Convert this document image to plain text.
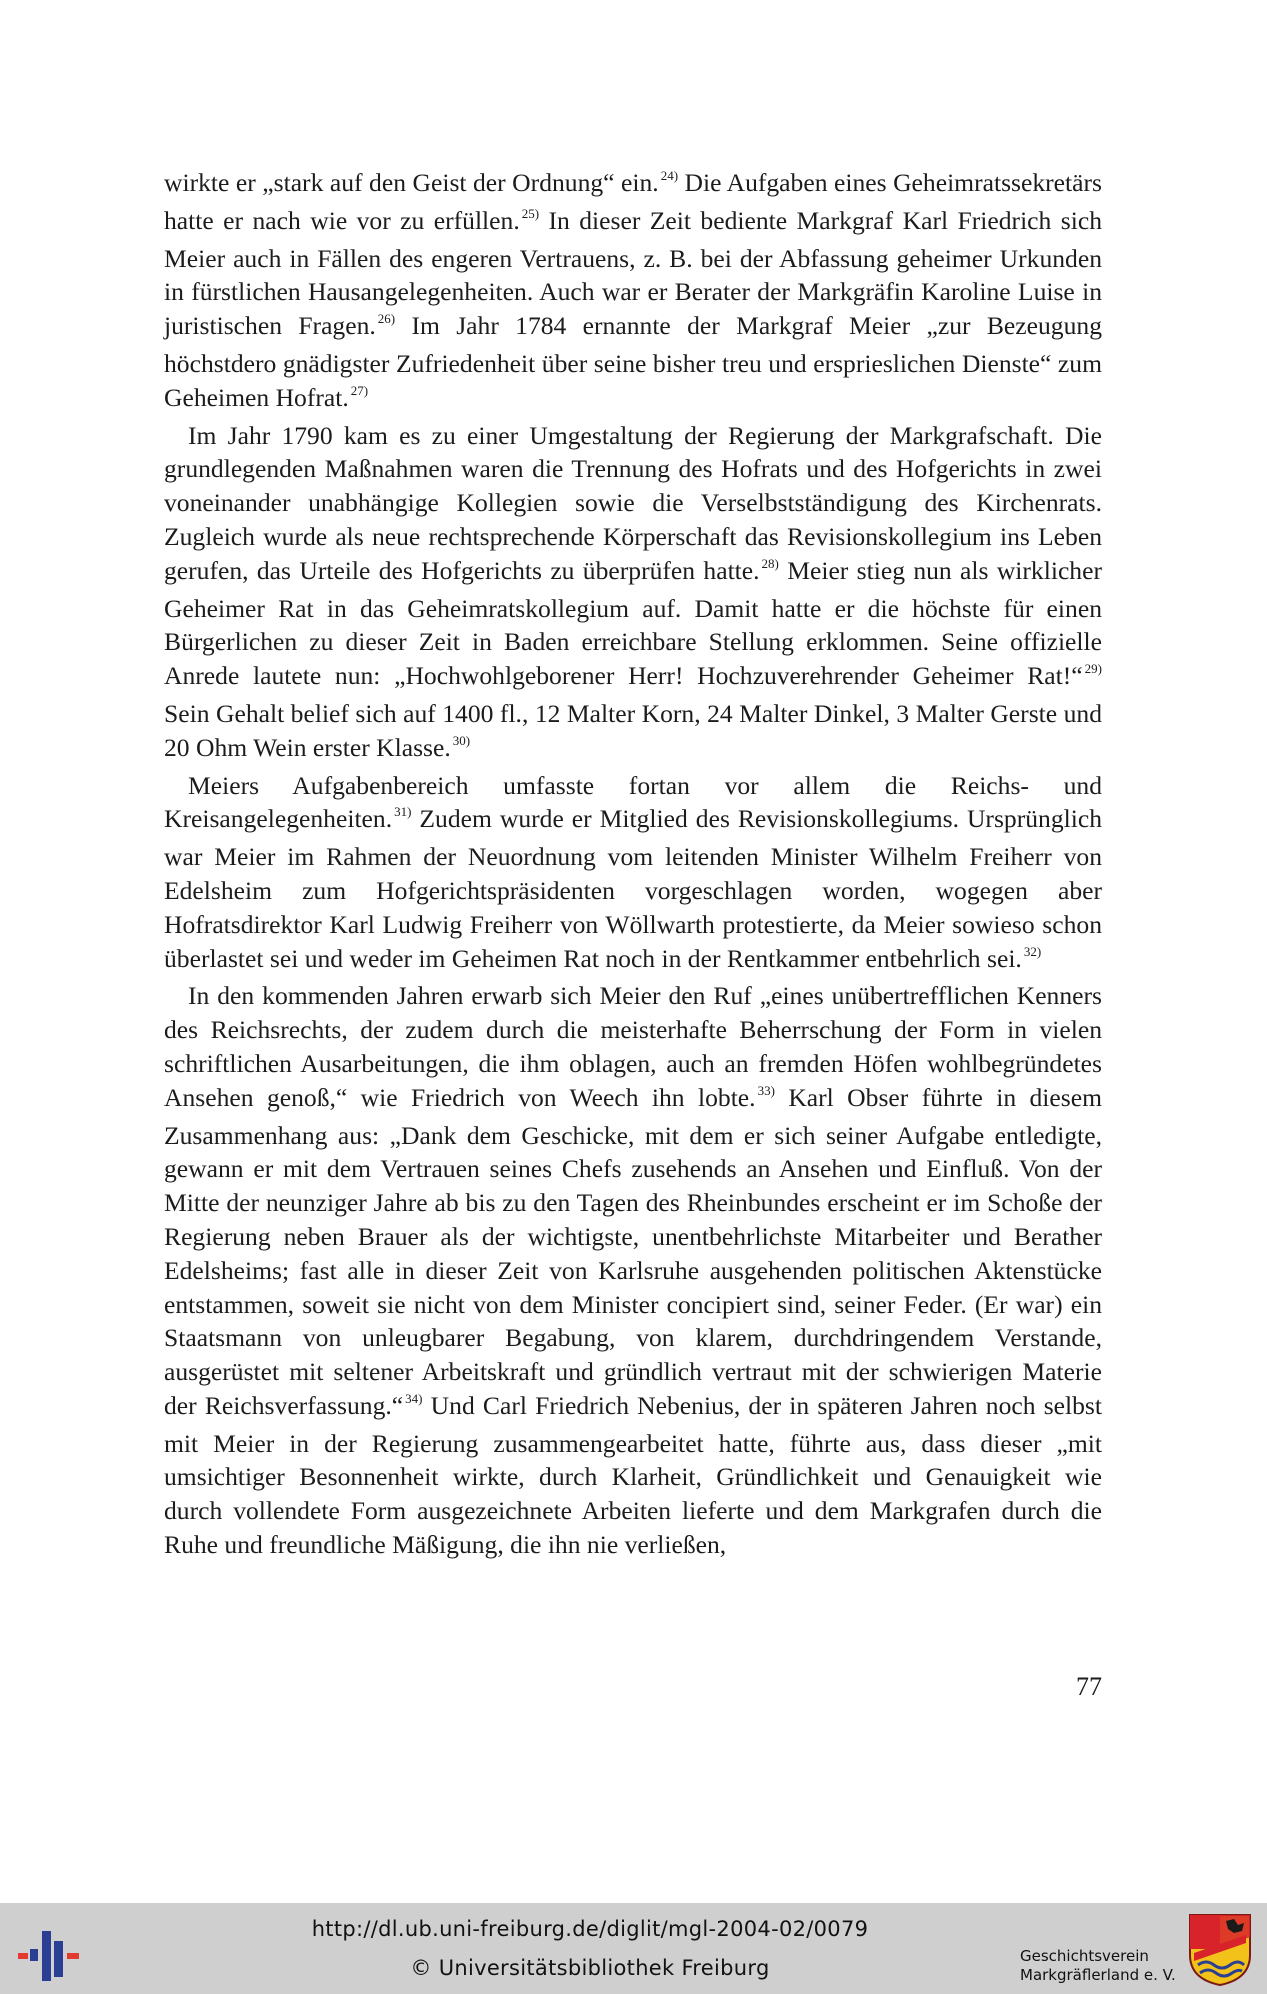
wirkte er „stark auf den Geist der Ordnung“ ein. $^{24)}$ Die Aufgaben eines Geheimratssekretärs hatte er nach wie vor zu erfüllen. $^{25)}$ In dieser Zeit bediente Markgraf Karl Friedrich sich Meier auch in Fällen des engeren Vertrauens, z. B. bei der Abfassung geheimer Urkunden in fürstlichen Hausangelegenheiten. Auch war er Berater der Markgräfin Karoline Luise in juristischen Fragen. $^{26)}$ Im Jahr 1784 ernannte der Markgraf Meier „zur Bezeugung höchstdero gnädigster Zufriedenheit über seine bisher treu und ersprieslichen Dienste“ zum Geheimen Hofrat. $^{27)}$

Im Jahr 1790 kam es zu einer Umgestaltung der Regierung der Markgrafschaft. Die grundlegenden Maßnahmen waren die Trennung des Hofrats und des Hofgerichts in zwei voneinander unabhängige Kollegien sowie die Verselbstständigung des Kirchenrats. Zugleich wurde als neue rechtsprechende Körperschaft das Revisionskollegium ins Leben gerufen, das Urteile des Hofgerichts zu überprüfen hatte. $^{28)}$ Meier stieg nun als wirklicher Geheimer Rat in das Geheimratskollegium auf. Damit hatte er die höchste für einen Bürgerlichen zu dieser Zeit in Baden erreichbare Stellung erklommen. Seine offizielle Anrede lautete nun: „Hochwohlgeborener Herr! Hochzuverehrender Geheimer Rat!“ $^{29)}$ Sein Gehalt belief sich auf 1400 fl., 12 Malter Korn, 24 Malter Dinkel, 3 Malter Gerste und 20 Ohm Wein erster Klasse. $^{30)}$

Meiers Aufgabenbereich umfasste fortan vor allem die Reichs- und Kreisangelegenheiten. $^{31)}$ Zudem wurde er Mitglied des Revisionskollegiums. Ursprünglich war Meier im Rahmen der Neuordnung vom leitenden Minister Wilhelm Freiherr von Edelsheim zum Hofgerichtspräsidenten vorgeschlagen worden, wogegen aber Hofratsdirektor Karl Ludwig Freiherr von Wöllwarth protestierte, da Meier sowieso schon überlastet sei und weder im Geheimen Rat noch in der Rentkammer entbehrlich sei. $^{32)}$

In den kommenden Jahren erwarb sich Meier den Ruf „eines unübertrefflichen Kenners des Reichsrechts, der zudem durch die meisterhafte Beherrschung der Form in vielen schriftlichen Ausarbeitungen, die ihm oblagen, auch an fremden Höfen wohlbegründetes Ansehen genoß,“ wie Friedrich von Weech ihn lobte. $^{33)}$ Karl Obser führte in diesem Zusammenhang aus: „Dank dem Geschicke, mit dem er sich seiner Aufgabe entledigte, gewann er mit dem Vertrauen seines Chefs zusehends an Ansehen und Einfluß. Von der Mitte der neunziger Jahre ab bis zu den Tagen des Rheinbundes erscheint er im Schoße der Regierung neben Brauer als der wichtigste, unentbehrlichste Mitarbeiter und Berather Edelsheims; fast alle in dieser Zeit von Karlsruhe ausgehenden politischen Aktenstücke entstammen, soweit sie nicht von dem Minister concipiert sind, seiner Feder. (Er war) ein Staatsmann von unleugbarer Begabung, von klarem, durchdringendem Verstande, ausgerüstet mit seltener Arbeitskraft und gründlich vertraut mit der schwierigen Materie der Reichsverfassung.“ $^{34)}$ Und Carl Friedrich Nebenius, der in späteren Jahren noch selbst mit Meier in der Regierung zusammengearbeitet hatte, führte aus, dass dieser „mit umsichtiger Besonnenheit wirkte, durch Klarheit, Gründlichkeit und Genauigkeit wie durch vollendete Form ausgezeichnete Arbeiten lieferte und dem Markgrafen durch die Ruhe und freundliche Mäßigung, die ihn nie verließen,

77
http://dl.ub.uni-freiburg.de/diglit/mgl-2004-02/0079
© Universitätsbibliothek Freiburg	Geschichtsverein
Markgräflerland e. V.
